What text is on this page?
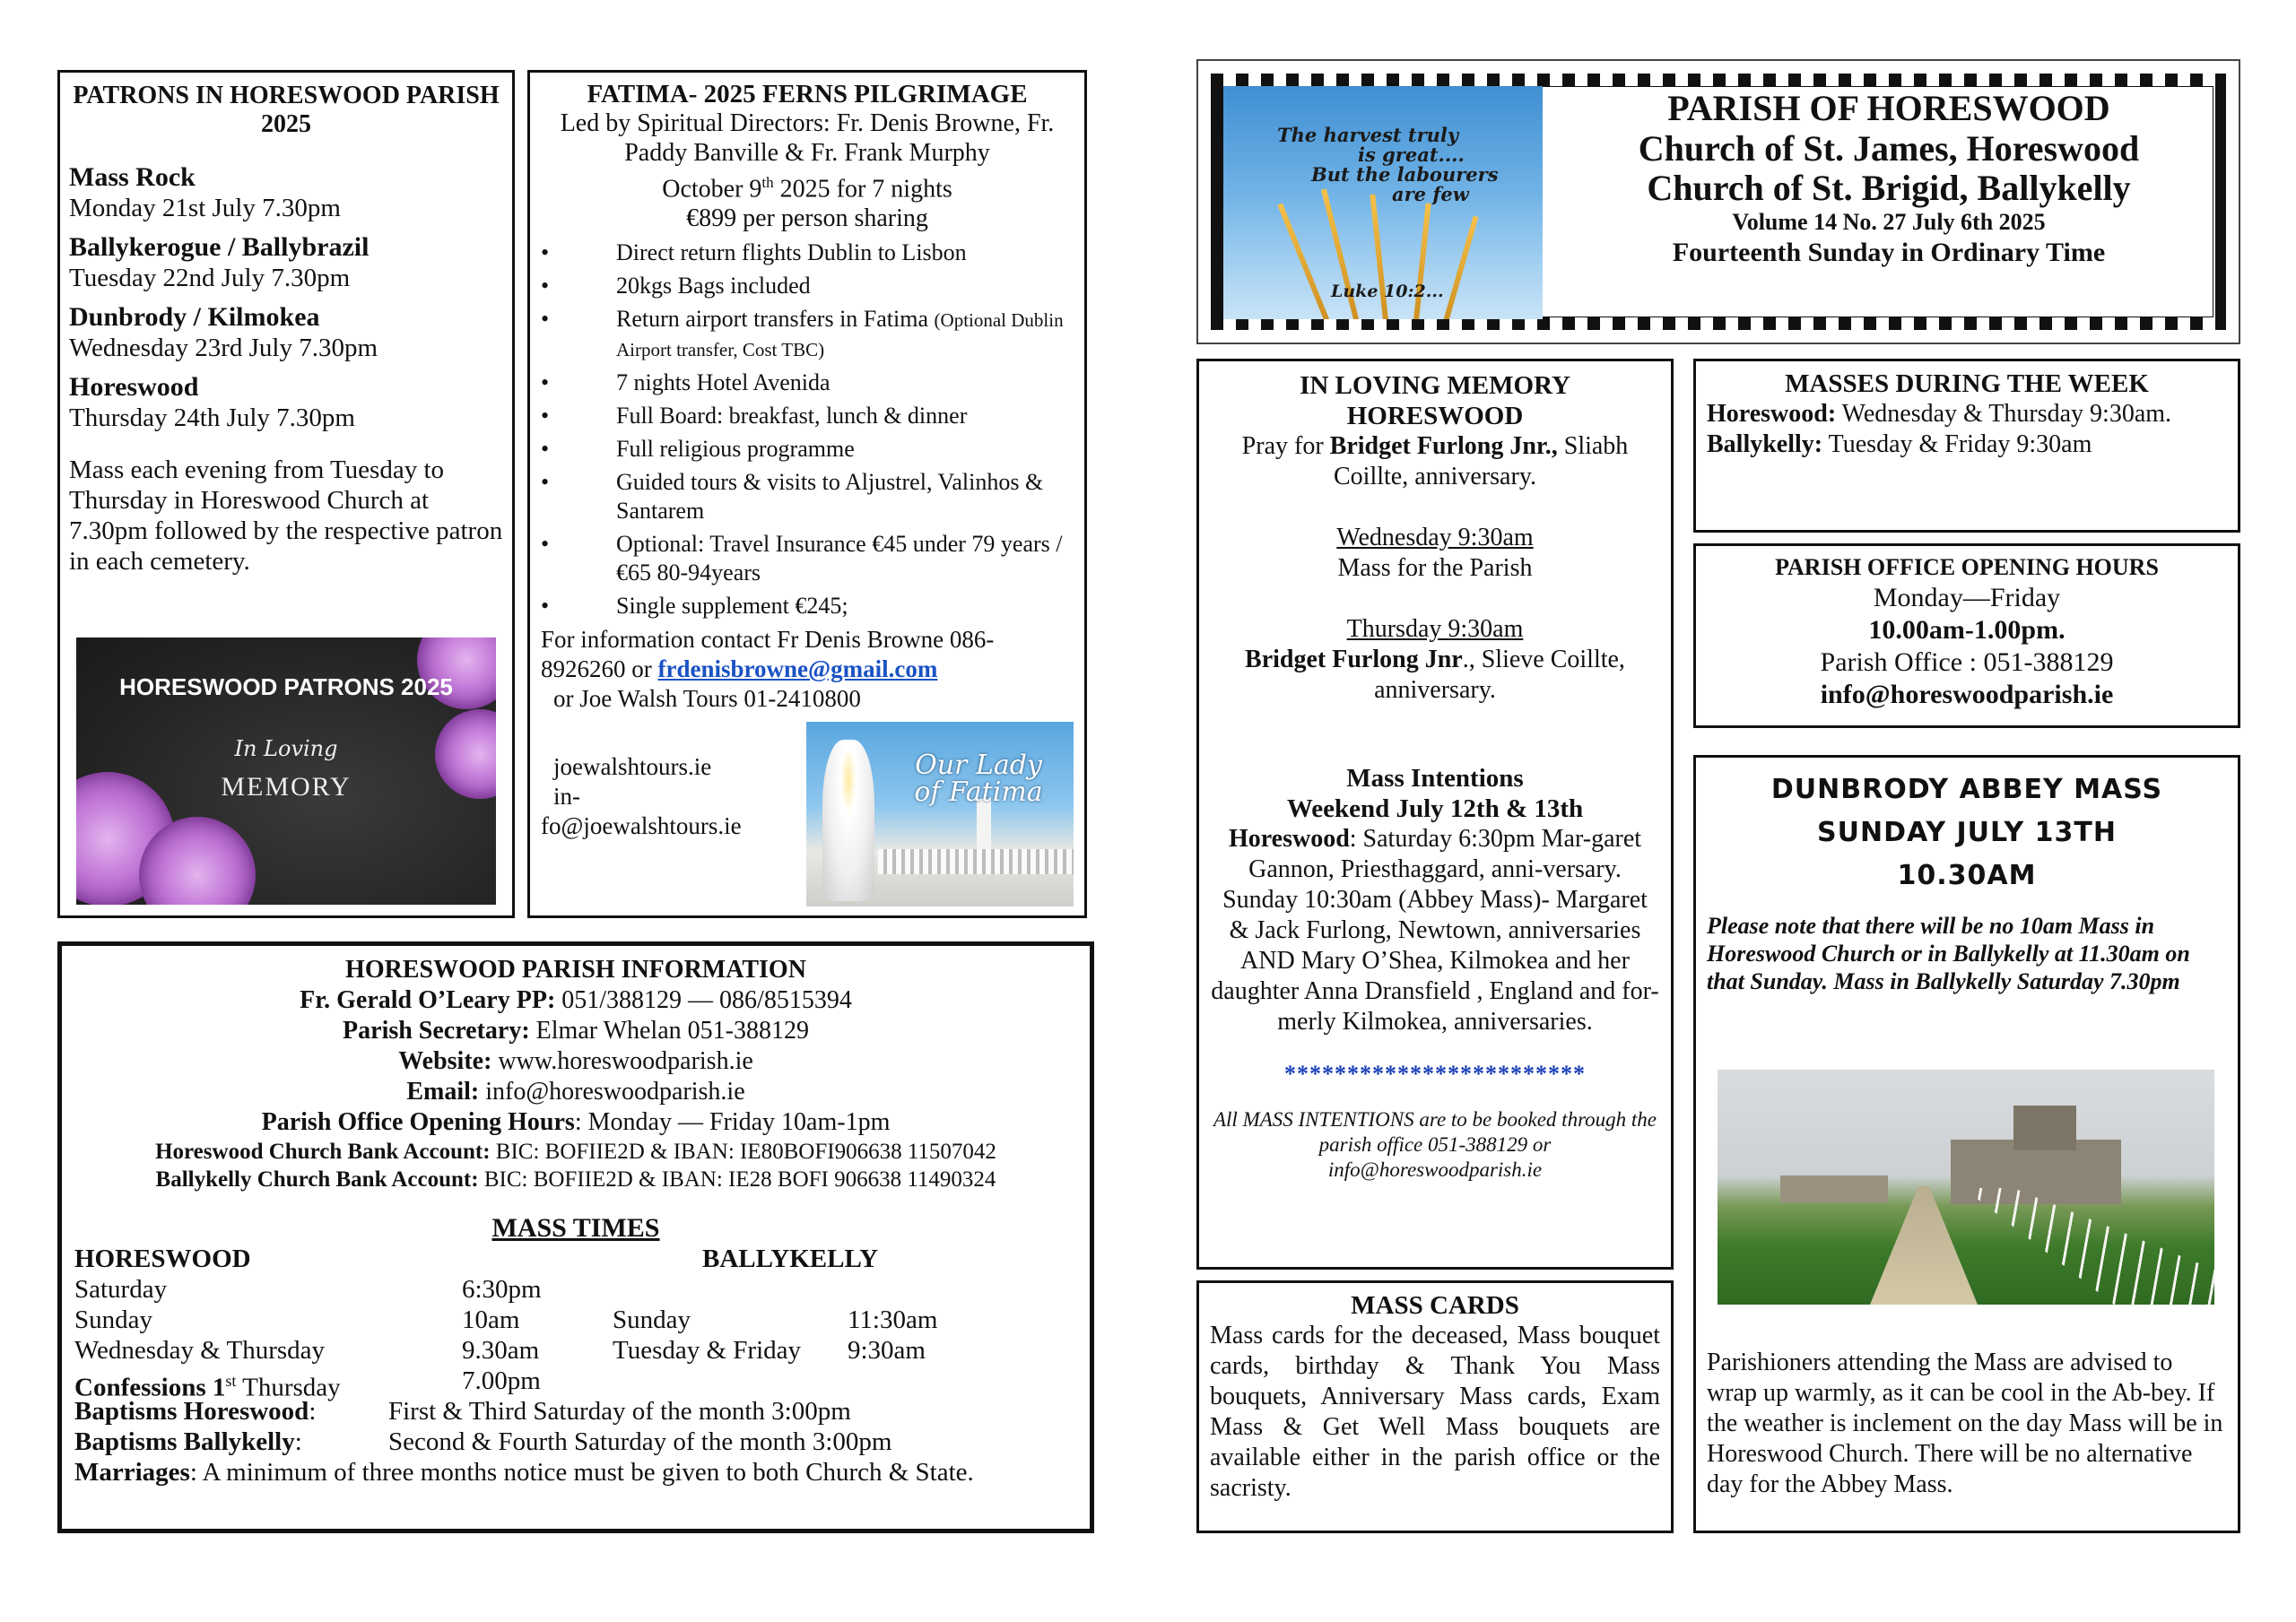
PATRONS IN HORESWOOD PARISH 2025
Mass Rock
Monday 21st July 7.30pm
Ballykerogue / Ballybrazil
Tuesday 22nd July 7.30pm
Dunbrody / Kilmokea
Wednesday 23rd July 7.30pm
Horeswood
Thursday 24th July 7.30pm
Mass each evening from Tuesday to Thursday in Horeswood Church at 7.30pm followed by the respective patron in each cemetery.
HORESWOOD PATRONS 2025
In Loving
MEMORY
FATIMA- 2025 FERNS PILGRIMAGE
Led by Spiritual Directors: Fr. Denis Browne, Fr. Paddy Banville & Fr. Frank Murphy
October 9th 2025 for 7 nights
€899 per person sharing
• Direct return flights Dublin to Lisbon
• 20kgs Bags included
• Return airport transfers in Fatima (Optional Dublin Airport transfer, Cost TBC)
• 7 nights Hotel Avenida
• Full Board: breakfast, lunch & dinner
• Full religious programme
• Guided tours & visits to Aljustrel, Valinhos & Santarem
• Optional: Travel Insurance €45 under 79 years /€65 80-94years
• Single supplement €245;
For information contact Fr Denis Browne 086-8926260 or frdenisbrowne@gmail.com
or Joe Walsh Tours 01-2410800
joewalshtours.ie
in-
fo@joewalshtours.ie
Our Lady
of Fatima
HORESWOOD PARISH INFORMATION
Fr. Gerald O’Leary PP: 051/388129 — 086/8515394
Parish Secretary: Elmar Whelan 051-388129
Website: www.horeswoodparish.ie
Email: info@horeswoodparish.ie
Parish Office Opening Hours: Monday — Friday 10am-1pm
Horeswood Church Bank Account: BIC: BOFIIE2D & IBAN: IE80BOFI906638 11507042
Ballykelly Church Bank Account: BIC: BOFIIE2D & IBAN: IE28 BOFI 906638 11490324
MASS TIMES
HORESWOOD	BALLYKELLY
Saturday	6:30pm
Sunday	10am	Sunday	11:30am
Wednesday & Thursday	9.30am	Tuesday & Friday 9:30am
Confessions 1st Thursday	7.00pm
Baptisms Horeswood:	First & Third Saturday of the month 3:00pm
Baptisms Ballykelly:	Second & Fourth Saturday of the month 3:00pm
Marriages: A minimum of three months notice must be given to both Church & State.
The harvest truly
is great....
But the labourers
are few
Luke 10:2...
PARISH OF HORESWOOD
Church of St. James, Horeswood
Church of St. Brigid, Ballykelly
Volume 14 No. 27 July 6th 2025
Fourteenth Sunday in Ordinary Time
IN LOVING MEMORY
HORESWOOD
Pray for Bridget Furlong Jnr., Sliabh Coillte, anniversary.
Wednesday 9:30am
Mass for the Parish
Thursday 9:30am
Bridget Furlong Jnr., Slieve Coillte, anniversary.
Mass Intentions
Weekend July 12th & 13th
Horeswood: Saturday 6:30pm Mar-garet Gannon, Priesthaggard, anni-versary. Sunday 10:30am (Abbey Mass)- Margaret & Jack Furlong, Newtown, anniversaries AND Mary O’Shea, Kilmokea and her daughter Anna Dransfield , England and for-merly Kilmokea, anniversaries.
************************
All MASS INTENTIONS are to be booked through the parish office 051-388129 or info@horeswoodparish.ie
MASSES DURING THE WEEK
Horeswood: Wednesday & Thursday 9:30am.
Ballykelly: Tuesday & Friday 9:30am
PARISH OFFICE OPENING HOURS
Monday—Friday
10.00am-1.00pm.
Parish Office : 051-388129
info@horeswoodparish.ie
DUNBRODY ABBEY MASS
SUNDAY JULY 13TH
10.30AM
Please note that there will be no 10am Mass in Horeswood Church or in Ballykelly at 11.30am on that Sunday. Mass in Ballykelly Saturday 7.30pm
Parishioners attending the Mass are advised to wrap up warmly, as it can be cool in the Ab-bey. If the weather is inclement on the day Mass will be in Horeswood Church. There will be no alternative day for the Abbey Mass.
MASS CARDS
Mass cards for the deceased, Mass bouquet cards, birthday & Thank You Mass bouquets, Anniversary Mass cards, Exam Mass & Get Well Mass bouquets are available either in the parish office or the sacristy.
